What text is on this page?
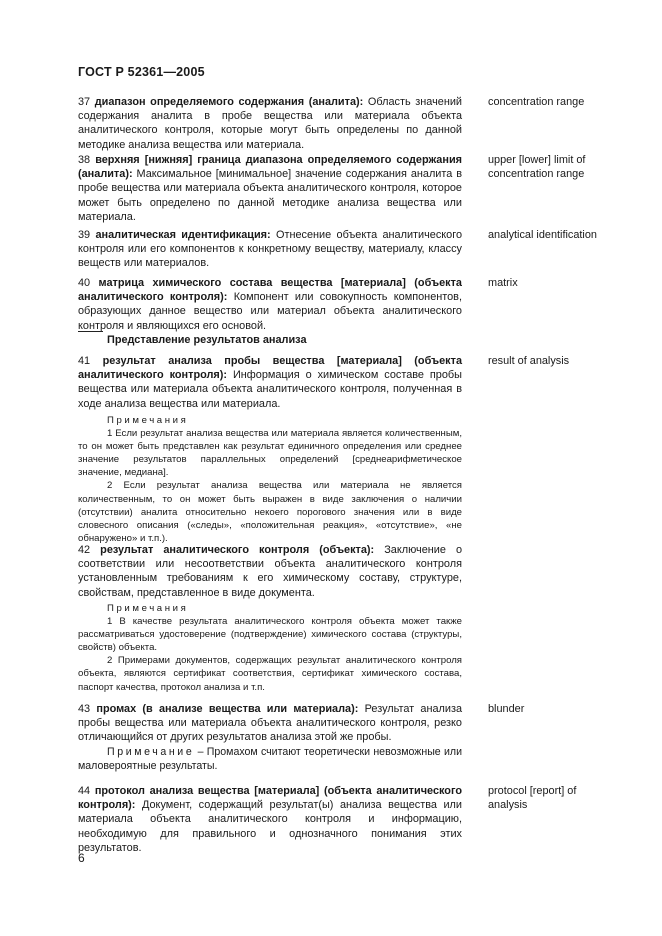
ГОСТ Р 52361—2005
37 диапазон определяемого содержания (аналита): Область значений содержания аналита в пробе вещества или материала объекта аналитического контроля, которые могут быть определены по данной методике анализа вещества или материала.
concentration range
38 верхняя [нижняя] граница диапазона определяемого содержания (аналита): Максимальное [минимальное] значение содержания аналита в пробе вещества или материала объекта аналитического контроля, которое может быть определено по данной методике анализа вещества или материала.
upper [lower] limit of concentration range
39 аналитическая идентификация: Отнесение объекта аналитического контроля или его компонентов к конкретному веществу, материалу, классу веществ или материалов.
analytical identification
40 матрица химического состава вещества [материала] (объекта аналитического контроля): Компонент или совокупность компонентов, образующих данное вещество или материал объекта аналитического контроля и являющихся его основой.
matrix
Представление результатов анализа
41 результат анализа пробы вещества [материала] (объекта аналитического контроля): Информация о химическом составе пробы вещества или материала объекта аналитического контроля, полученная в ходе анализа вещества или материала.
result of analysis

Примечания

1 Если результат анализа вещества или материала является количественным, то он может быть представлен как результат единичного определения или среднее значение результатов параллельных определений [среднеарифметическое значение, медиана].

2 Если результат анализа вещества или материала не является количественным, то он может быть выражен в виде заключения о наличии (отсутствии) аналита относительно некоего порогового значения или в виде словесного описания («следы», «положительная реакция», «отсутствие», «не обнаружено» и т.п.).

42 результат аналитического контроля (объекта): Заключение о соответствии или несоответствии объекта аналитического контроля установленным требованиям к его химическому составу, структуре, свойствам, представленное в виде документа.

Примечания

1 В качестве результата аналитического контроля объекта может также рассматриваться удостоверение (подтверждение) химического состава (структуры, свойств) объекта.

2 Примерами документов, содержащих результат аналитического контроля объекта, являются сертификат соответствия, сертификат химического состава, паспорт качества, протокол анализа и т.п.

43 промах (в анализе вещества или материала): Результат анализа пробы вещества или материала объекта аналитического контроля, резко отличающийся от других результатов анализа этой же пробы.
blunder
Примечание – Промахом считают теоретически невозможные или маловероятные результаты.
44 протокол анализа вещества [материала] (объекта аналитического контроля): Документ, содержащий результат(ы) анализа вещества или материала объекта аналитического контроля и информацию, необходимую для правильного и однозначного понимания этих результатов.
protocol [report] of analysis
6
